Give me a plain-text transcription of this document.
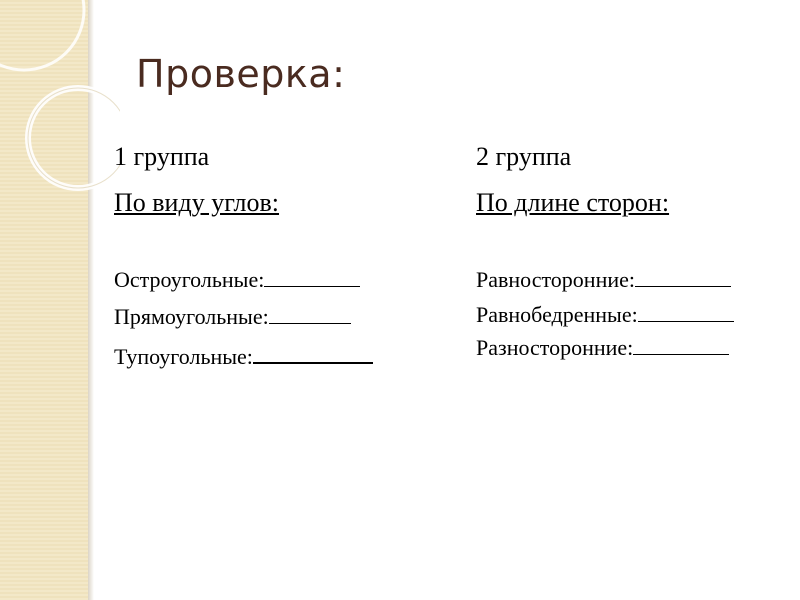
Проверка:
1 группа
По виду углов:
Остроугольные:
Прямоугольные:
Тупоугольные:
2 группа
По длине сторон:
Равносторонние:
Равнобедренные:
Разносторонние:
